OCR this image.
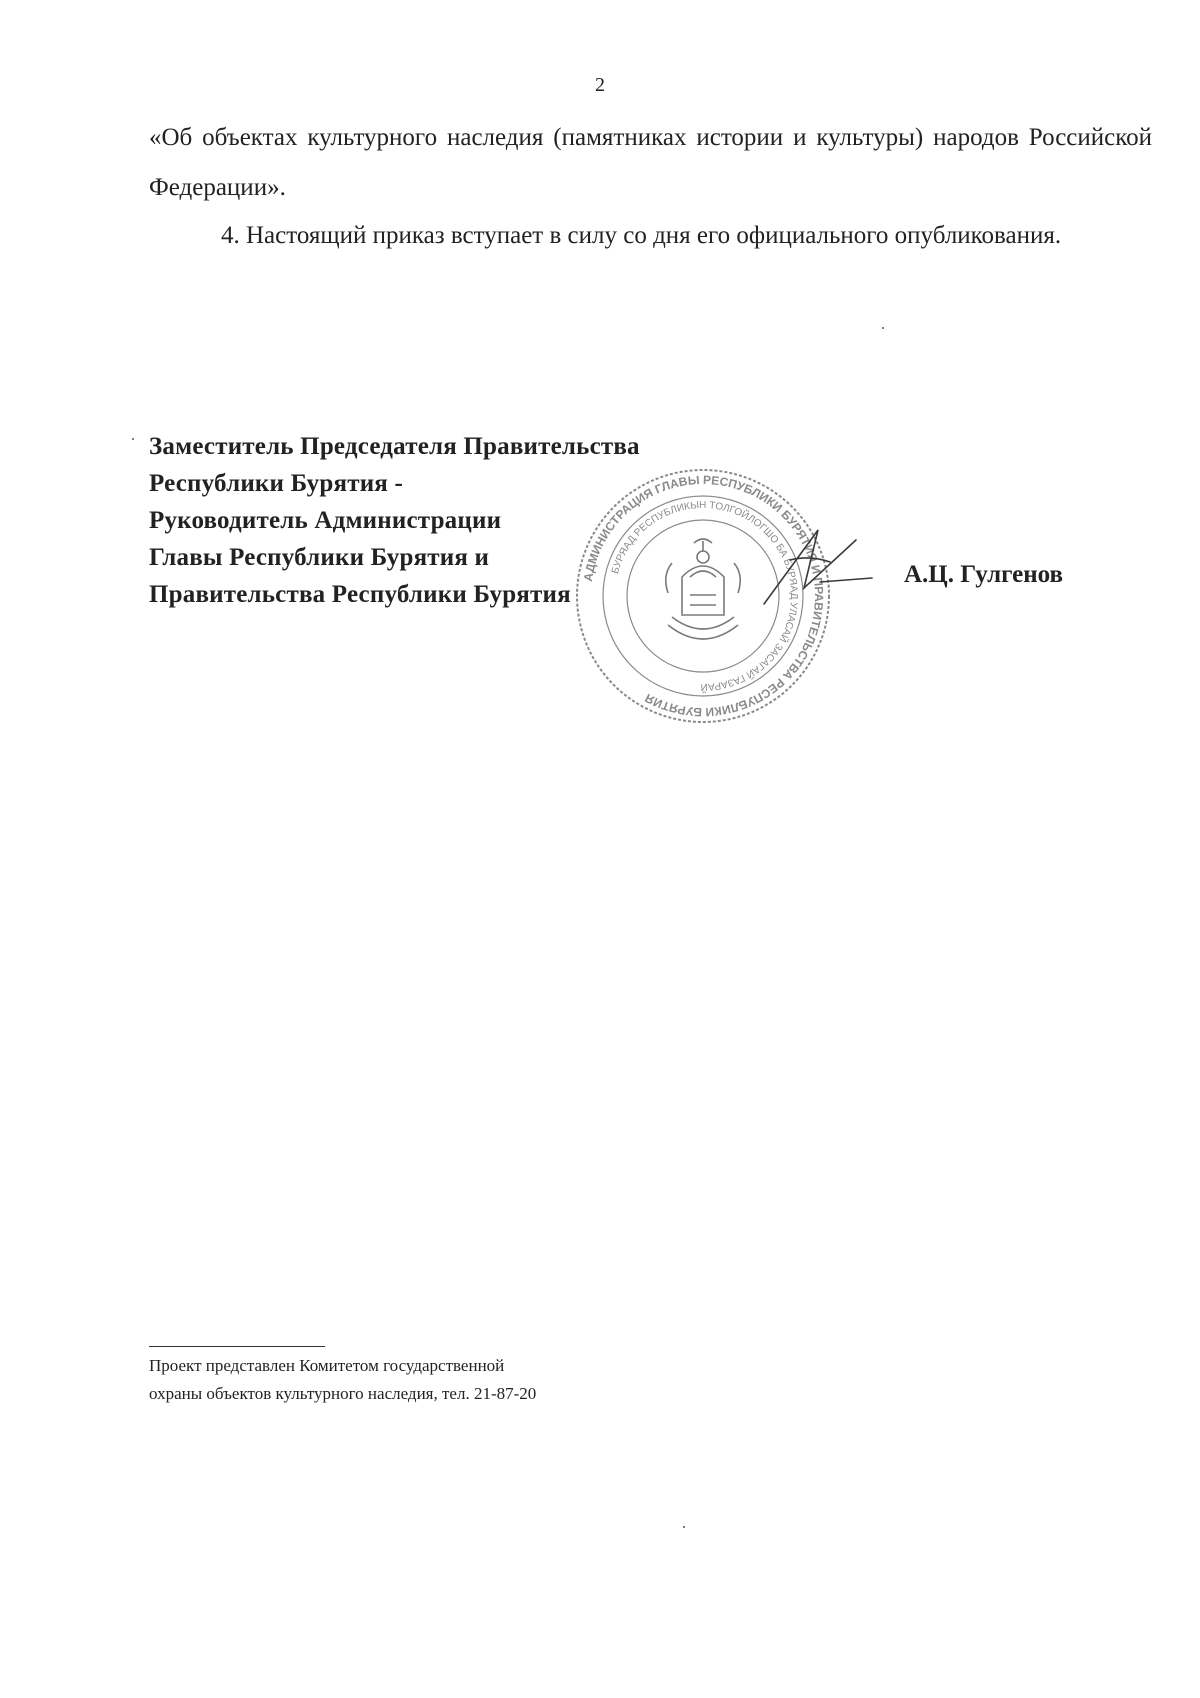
2
«Об объектах культурного наследия (памятниках истории и культуры) народов Российской Федерации».
4. Настоящий приказ вступает в силу со дня его официального опубликования.
Заместитель Председателя Правительства
Республики Бурятия -
Руководитель Администрации
Главы Республики Бурятия и
Правительства Республики Бурятия
АДМИНИСТРАЦИЯ ГЛАВЫ РЕСПУБЛИКИ БУРЯТИЯ И ПРАВИТЕЛЬСТВА РЕСПУБЛИКИ БУРЯТИЯ
БУРЯАД РЕСПУБЛИКЫН ТОЛГОЙЛОГШО БА БУРЯАД УЛАСАЙ ЗАСАГАЙ ГАЗАРАЙ
А.Ц. Гулгенов
Проект представлен Комитетом государственной
охраны объектов культурного наследия, тел. 21-87-20
